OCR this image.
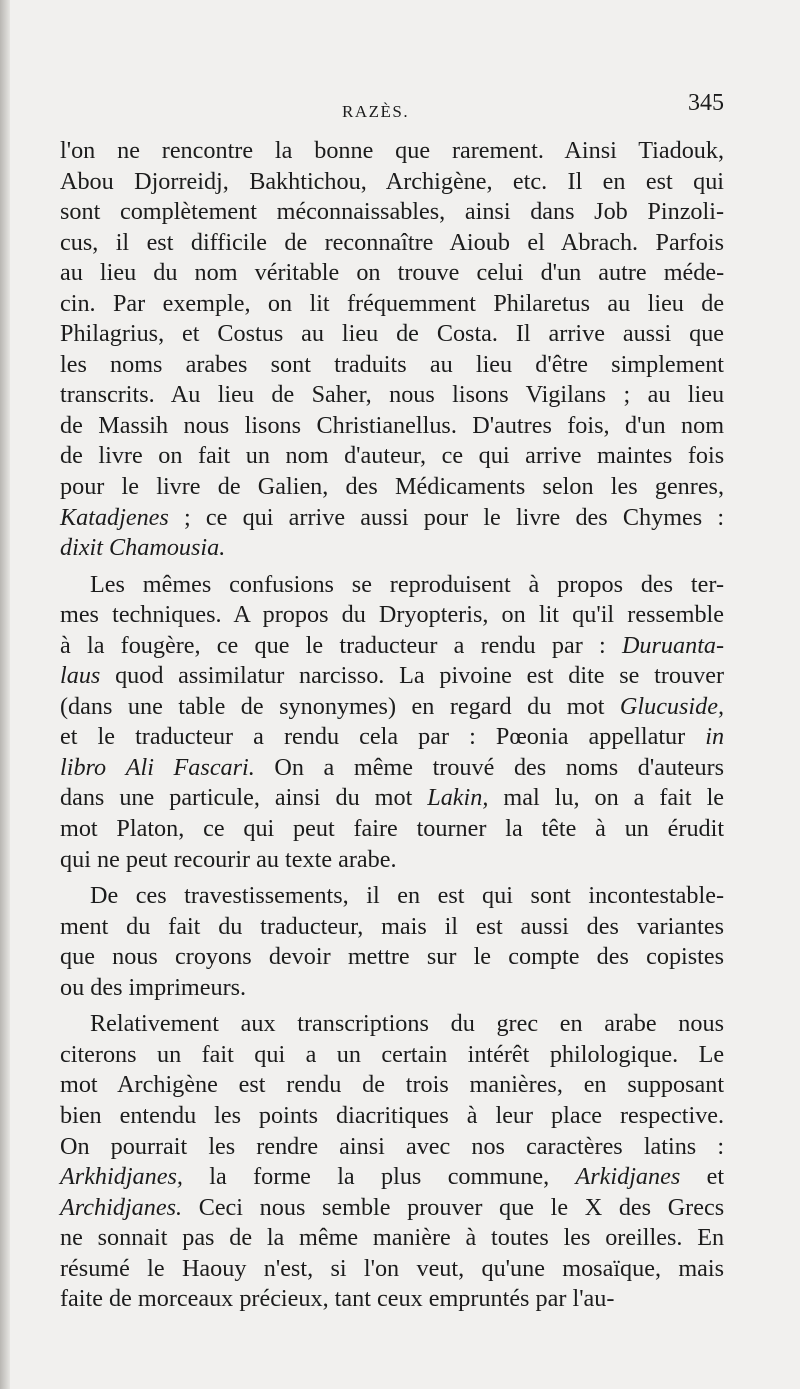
RAZÈS.	345
l'on ne rencontre la bonne que rarement. Ainsi Tiadouk,
Abou Djorreidj, Bakhtichou, Archigène, etc. Il en est qui
sont complètement méconnaissables, ainsi dans Job Pinzoli-
cus, il est difficile de reconnaître Aioub el Abrach. Parfois
au lieu du nom véritable on trouve celui d'un autre méde-
cin. Par exemple, on lit fréquemment Philaretus au lieu de
Philagrius, et Costus au lieu de Costa. Il arrive aussi que
les noms arabes sont traduits au lieu d'être simplement
transcrits. Au lieu de Saher, nous lisons Vigilans ; au lieu
de Massih nous lisons Christianellus. D'autres fois, d'un nom
de livre on fait un nom d'auteur, ce qui arrive maintes fois
pour le livre de Galien, des Médicaments selon les genres,
Katadjenes ; ce qui arrive aussi pour le livre des Chymes :
dixit Chamousia.
Les mêmes confusions se reproduisent à propos des ter-
mes techniques. A propos du Dryopteris, on lit qu'il ressemble
à la fougère, ce que le traducteur a rendu par : Duruanta-
laus quod assimilatur narcisso. La pivoine est dite se trouver
(dans une table de synonymes) en regard du mot Glucuside,
et le traducteur a rendu cela par : Pœonia appellatur in
libro Ali Fascari. On a même trouvé des noms d'auteurs
dans une particule, ainsi du mot Lakin, mal lu, on a fait le
mot Platon, ce qui peut faire tourner la tête à un érudit
qui ne peut recourir au texte arabe.
De ces travestissements, il en est qui sont incontestable-
ment du fait du traducteur, mais il est aussi des variantes
que nous croyons devoir mettre sur le compte des copistes
ou des imprimeurs.
Relativement aux transcriptions du grec en arabe nous
citerons un fait qui a un certain intérêt philologique. Le
mot Archigène est rendu de trois manières, en supposant
bien entendu les points diacritiques à leur place respective.
On pourrait les rendre ainsi avec nos caractères latins :
Arkhidjanes, la forme la plus commune, Arkidjanes et
Archidjanes. Ceci nous semble prouver que le X des Grecs
ne sonnait pas de la même manière à toutes les oreilles. En
résumé le Haouy n'est, si l'on veut, qu'une mosaïque, mais
faite de morceaux précieux, tant ceux empruntés par l'au-
